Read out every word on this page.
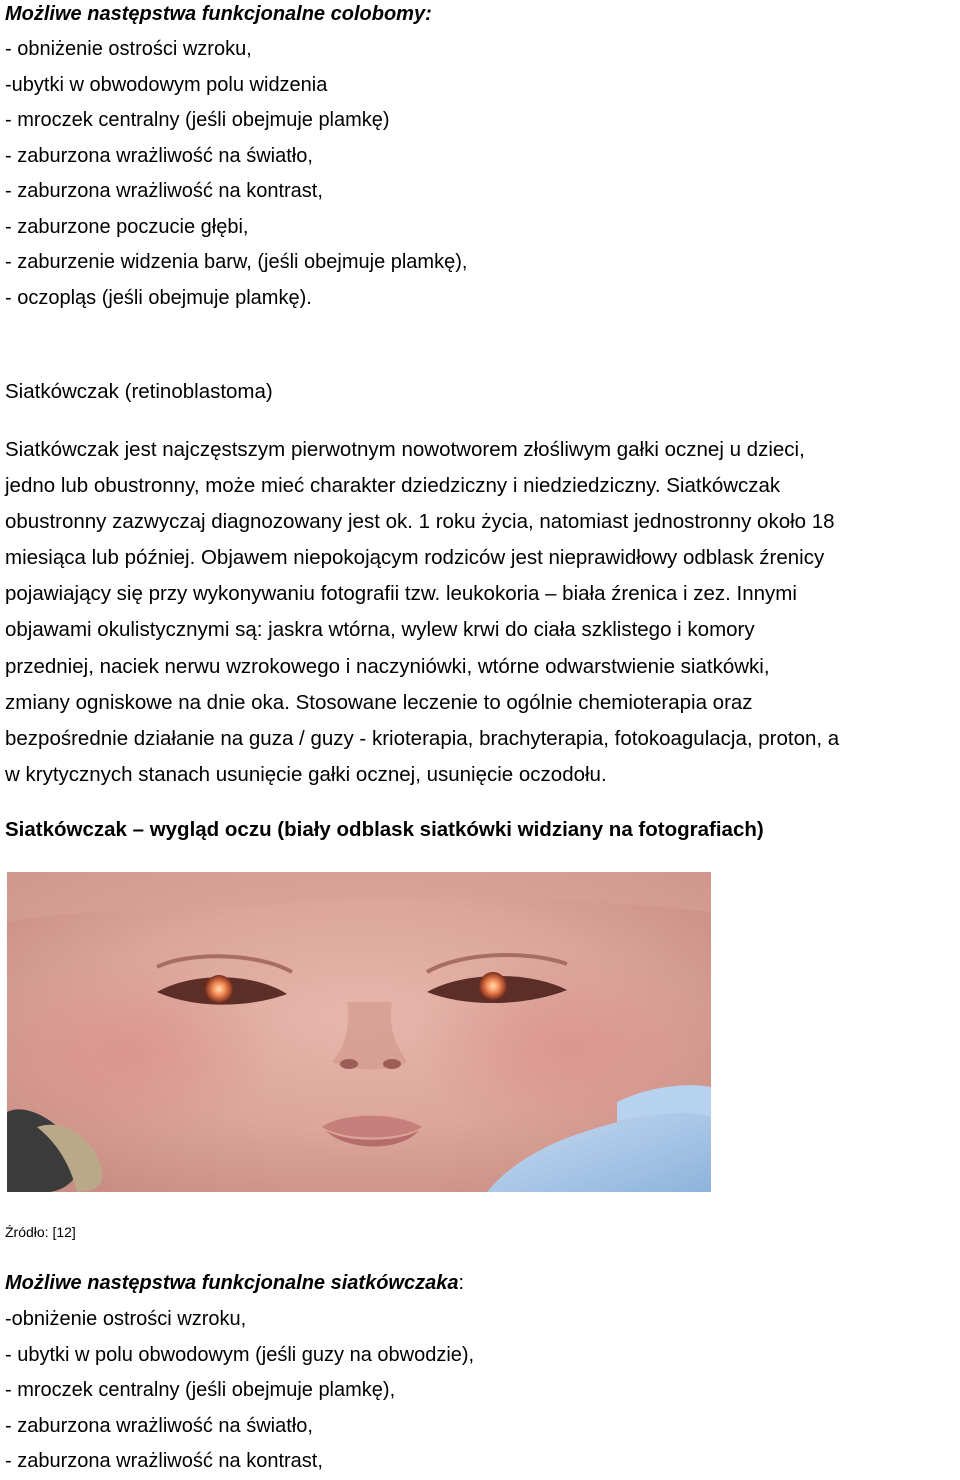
Możliwe następstwa funkcjonalne colobomy:
- obniżenie ostrości wzroku,
-ubytki w obwodowym polu widzenia
- mroczek centralny (jeśli obejmuje plamkę)
- zaburzona wrażliwość na światło,
- zaburzona wrażliwość na kontrast,
- zaburzone poczucie głębi,
- zaburzenie widzenia barw, (jeśli obejmuje plamkę),
- oczopląs (jeśli obejmuje plamkę).
Siatkówczak (retinoblastoma)

Siatkówczak jest najczęstszym pierwotnym nowotworem złośliwym gałki ocznej u dzieci,
jedno lub obustronny, może mieć charakter dziedziczny i niedziedziczny. Siatkówczak
obustronny zazwyczaj diagnozowany jest ok. 1 roku życia, natomiast jednostronny około 18
miesiąca lub później. Objawem niepokojącym rodziców jest nieprawidłowy odblask źrenicy
pojawiający się przy wykonywaniu fotografii tzw. leukokoria – biała źrenica i zez. Innymi
objawami okulistycznymi są: jaskra wtórna, wylew krwi do ciała szklistego i komory
przedniej, naciek nerwu wzrokowego i naczyniówki, wtórne odwarstwienie siatkówki,
zmiany ogniskowe na dnie oka. Stosowane leczenie to ogólnie chemioterapia oraz
bezpośrednie działanie na guza / guzy - krioterapia, brachyterapia, fotokoagulacja, proton, a
w krytycznych stanach usunięcie gałki ocznej, usunięcie oczodołu.

Siatkówczak – wygląd oczu (biały odblask siatkówki widziany na fotografiach)
Źródło: [12]
Możliwe następstwa funkcjonalne siatkówczaka:
-obniżenie ostrości wzroku,
- ubytki w polu obwodowym (jeśli guzy na obwodzie),
- mroczek centralny (jeśli obejmuje plamkę),
- zaburzona wrażliwość na światło,
- zaburzona wrażliwość na kontrast,
